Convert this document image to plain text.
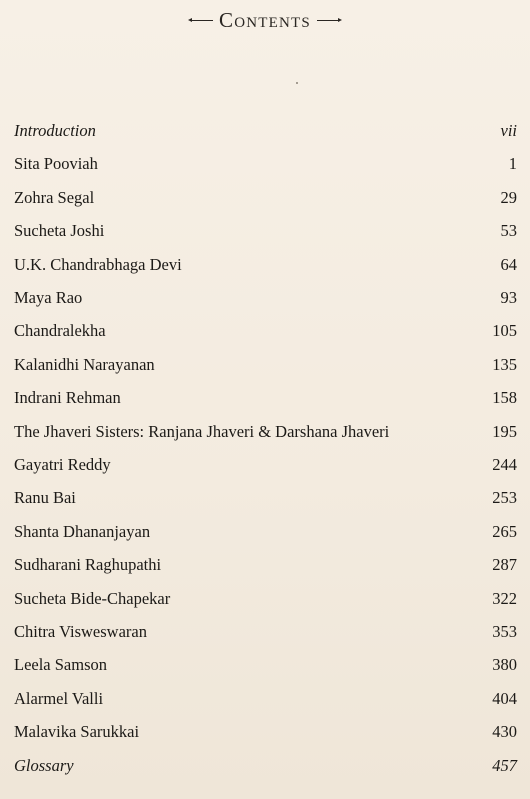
Contents
Introduction	vii
Sita Pooviah	1
Zohra Segal	29
Sucheta Joshi	53
U.K. Chandrabhaga Devi	64
Maya Rao	93
Chandralekha	105
Kalanidhi Narayanan	135
Indrani Rehman	158
The Jhaveri Sisters: Ranjana Jhaveri & Darshana Jhaveri	195
Gayatri Reddy	244
Ranu Bai	253
Shanta Dhananjayan	265
Sudharani Raghupathi	287
Sucheta Bide-Chapekar	322
Chitra Visweswaran	353
Leela Samson	380
Alarmel Valli	404
Malavika Sarukkai	430
Glossary	457
